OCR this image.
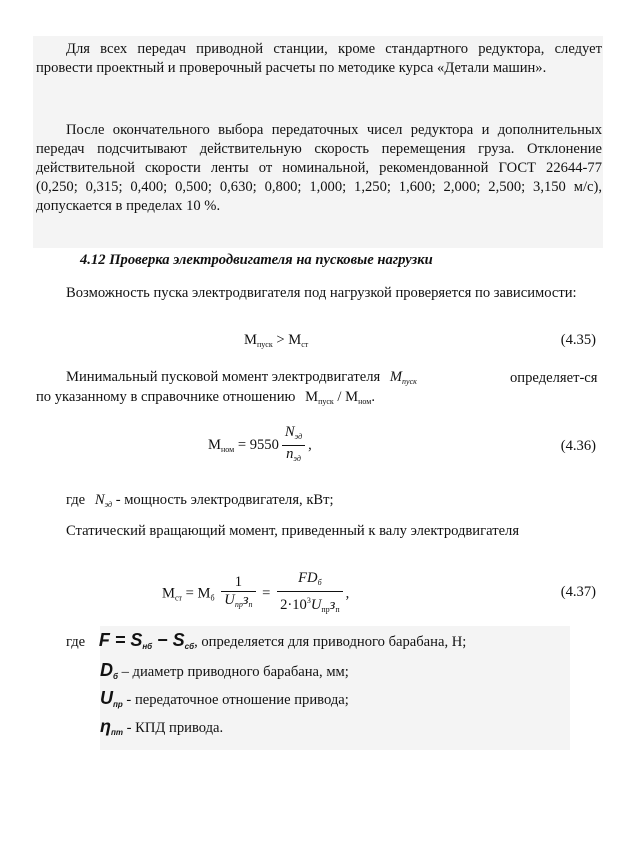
Для всех передач приводной станции, кроме стандартного редуктора, следует провести проектный и проверочный расчеты по методике курса «Детали машин».

После окончательного выбора передаточных чисел редуктора и дополнительных передач подсчитывают действительную скорость перемещения груза. Отклонение действительной скорости ленты от номинальной, рекомендованной ГОСТ 22644-77 (0,250; 0,315; 0,400; 0,500; 0,630; 0,800; 1,000; 1,250; 1,600; 2,000; 2,500; 3,150 м/с), допускается в пределах 10 %.

4.12 Проверка электродвигателя на пусковые нагрузки

Возможность пуска электродвигателя под нагрузкой проверяется по зависимости:

$М_{пуск} > М_{ст}$	(4.35)
Минимальный пусковой момент электродвигателя $М_{пуск}$	определяет-ся по указанному в справочнике отношению $М_{пуск} / М_{ном}$.

$М_{ном} = 9550 \frac{N_{эд}}{n_{эд}}$ ,	(4.36)
где $N_{эд}$ - мощность электродвигателя, кВт;

Статический вращающий момент, приведенный к валу электродвигателя

$М_{ст} = М_б \frac{1}{U_{пр}з_п} = \frac{FD_б}{2\cdot 10^3U_{пр}з_п}$ ,	(4.37)
где $F = S_{нб} - S_{сб}$, определяется для приводного барабана, Н;
$D_б$ – диаметр приводного барабана, мм;
$U_{пр}$ - передаточное отношение привода;
$\eta_{пт}$ - КПД привода.
